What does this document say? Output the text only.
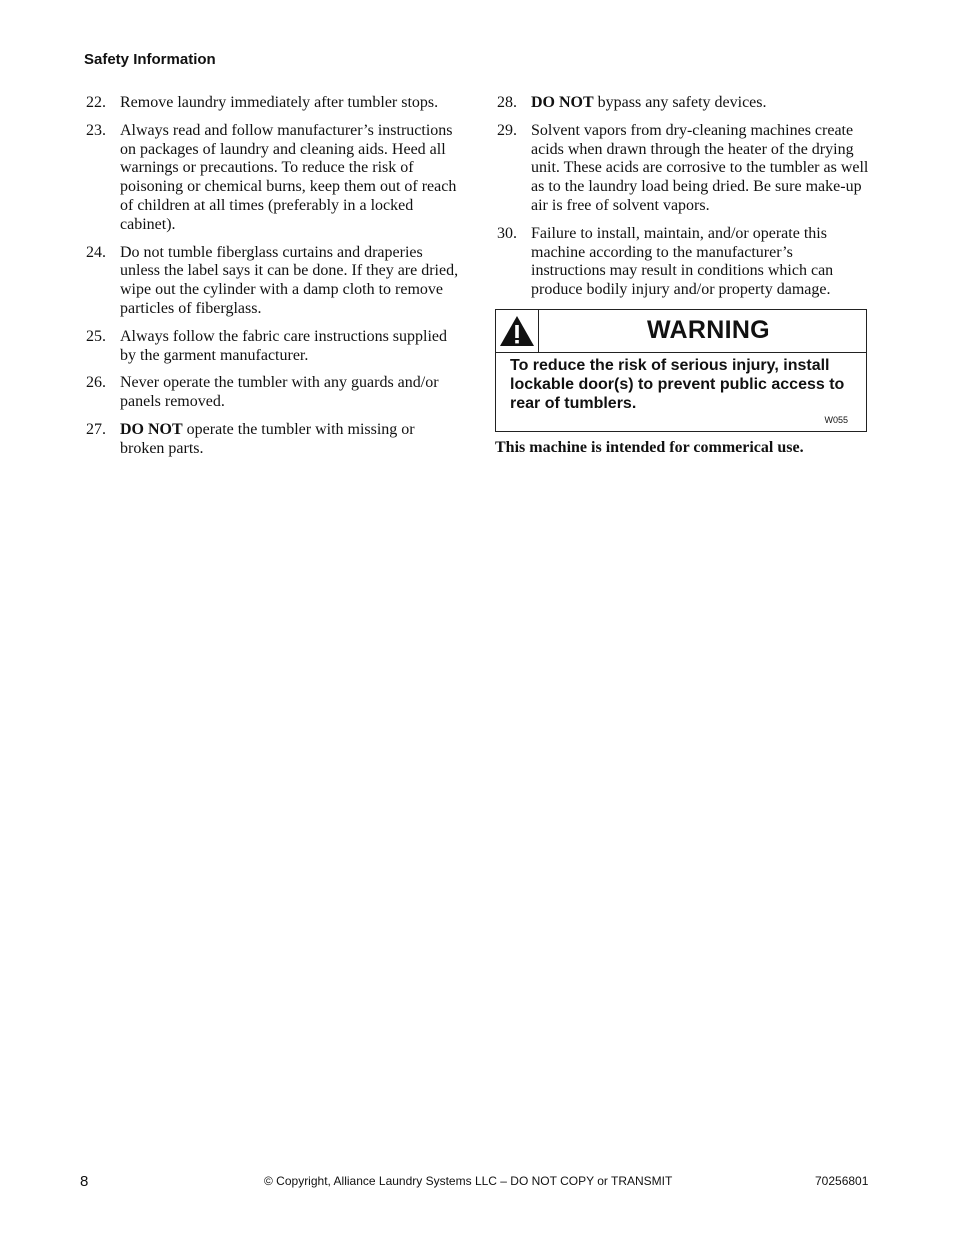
Safety Information
22. Remove laundry immediately after tumbler stops.
23. Always read and follow manufacturer’s instructions on packages of laundry and cleaning aids. Heed all warnings or precautions. To reduce the risk of poisoning or chemical burns, keep them out of reach of children at all times (preferably in a locked cabinet).
24. Do not tumble fiberglass curtains and draperies unless the label says it can be done. If they are dried, wipe out the cylinder with a damp cloth to remove particles of fiberglass.
25. Always follow the fabric care instructions supplied by the garment manufacturer.
26. Never operate the tumbler with any guards and/or panels removed.
27. DO NOT operate the tumbler with missing or broken parts.
28. DO NOT bypass any safety devices.
29. Solvent vapors from dry-cleaning machines create acids when drawn through the heater of the drying unit. These acids are corrosive to the tumbler as well as to the laundry load being dried. Be sure make-up air is free of solvent vapors.
30. Failure to install, maintain, and/or operate this machine according to the manufacturer’s instructions may result in conditions which can produce bodily injury and/or property damage.
WARNING
To reduce the risk of serious injury, install lockable door(s) to prevent public access to rear of tumblers.
W055
This machine is intended for commerical use.
8	© Copyright, Alliance Laundry Systems LLC – DO NOT COPY or TRANSMIT	70256801
